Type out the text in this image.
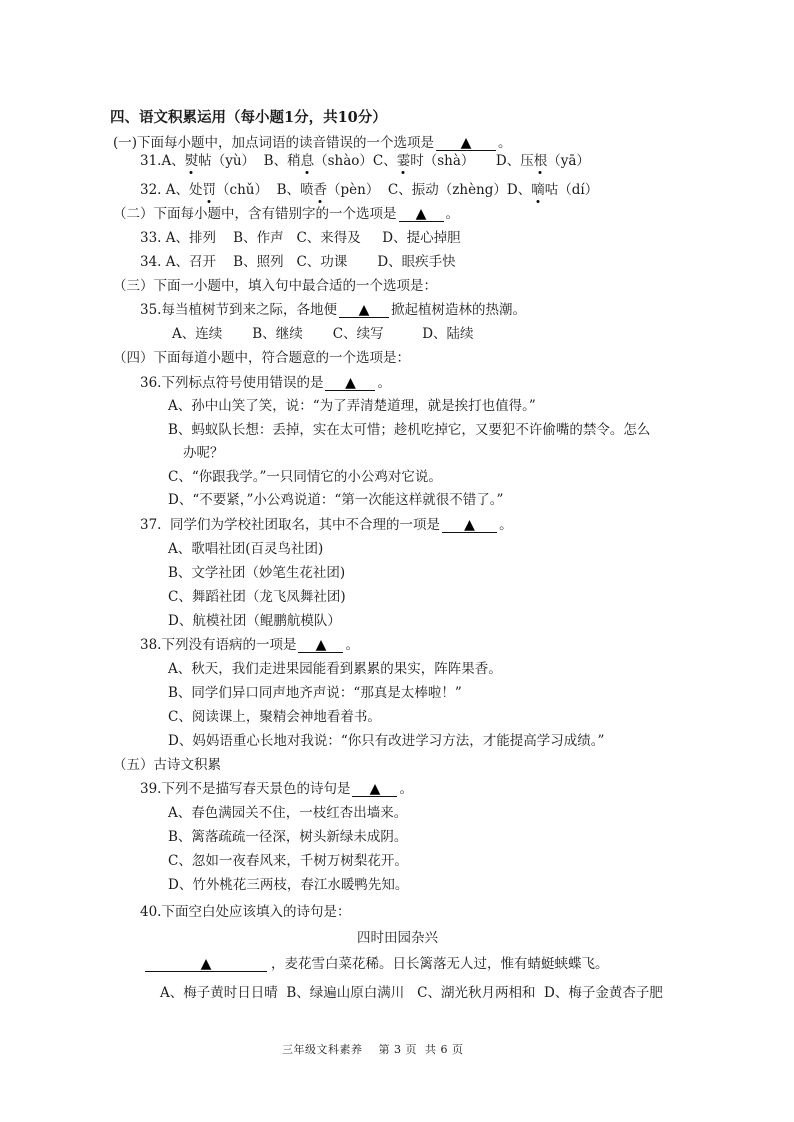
四、语文积累运用（每小题1分，共10分）
(一)下面每小题中，加点词语的读音错误的一个选项是 ▲ 。
31.A、熨帖（yù） B、稍息（shào）C、霎时（shà） D、压根（yā）
32. A、处罚（chǔ） B、喷香（pèn） C、振动（zhèng）D、嘀咕（dí）
（二）下面每小题中，含有错别字的一个选项是 ▲ 。
33. A、排列    B、作声   C、来得及     D、提心掉胆
34. A、召开    B、照列   C、功课       D、眼疾手快
（三）下面一小题中，填入句中最合适的一个选项是：
35.每当植树节到来之际，各地便 ▲ 掀起植树造林的热潮。
A、连续       B、继续       C、续写         D、陆续
（四）下面每道小题中，符合题意的一个选项是：
36.下列标点符号使用错误的是 ▲ 。
A、孙中山笑了笑，说：“为了弄清楚道理，就是挨打也值得。”
B、蚂蚁队长想：丢掉，实在太可惜；趁机吃掉它，又要犯不许偷嘴的禁令。怎么
办呢？
C、“你跟我学。”一只同情它的小公鸡对它说。
D、“不要紧，”小公鸡说道：“第一次能这样就很不错了。”
37.  同学们为学校社团取名，其中不合理的一项是 ▲ 。
A、歌唱社团(百灵鸟社团)
B、文学社团（妙笔生花社团)
C、舞蹈社团（龙飞凤舞社团)
D、航模社团（鲲鹏航模队）
38.下列没有语病的一项是 ▲ 。
A、秋天，我们走进果园能看到累累的果实，阵阵果香。
B、同学们异口同声地齐声说：“那真是太棒啦！”
C、阅读课上，聚精会神地看着书。
D、妈妈语重心长地对我说：“你只有改进学习方法，才能提高学习成绩。”
（五）古诗文积累
39.下列不是描写春天景色的诗句是 ▲ 。
A、春色满园关不住，一枝红杏出墙来。
B、篱落疏疏一径深，树头新绿未成阴。
C、忽如一夜春风来，千树万树梨花开。
D、竹外桃花三两枝，春江水暖鸭先知。
40.下面空白处应该填入的诗句是：
四时田园杂兴
▲	，麦花雪白菜花稀。日长篱落无人过，惟有蜻蜓蛱蝶飞。
A、梅子黄时日日晴  B、绿遍山原白满川   C、湖光秋月两相和  D、梅子金黄杏子肥
三年级文科素养    第 3 页  共 6 页
